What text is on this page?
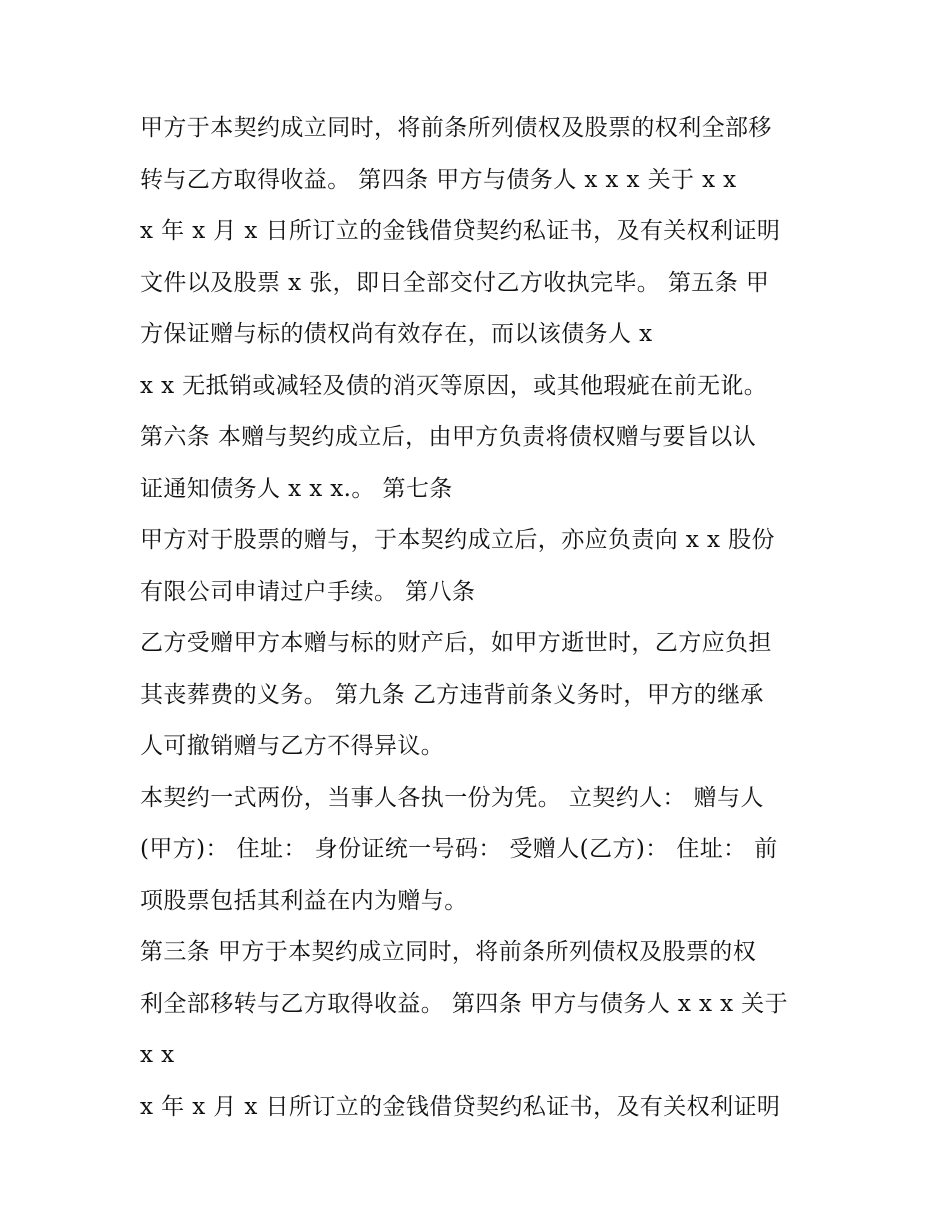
甲方于本契约成立同时，将前条所列债权及股票的权利全部移
转与乙方取得收益。 第四条 甲方与债务人 x x x 关于 x x
x 年 x 月 x 日所订立的金钱借贷契约私证书，及有关权利证明
文件以及股票 x 张，即日全部交付乙方收执完毕。 第五条 甲
方保证赠与标的债权尚有效存在，而以该债务人 x
x x 无抵销或减轻及债的消灭等原因，或其他瑕疵在前无讹。
第六条 本赠与契约成立后，由甲方负责将债权赠与要旨以认
证通知债务人 x x x.。 第七条
甲方对于股票的赠与，于本契约成立后，亦应负责向 x x 股份
有限公司申请过户手续。 第八条
乙方受赠甲方本赠与标的财产后，如甲方逝世时，乙方应负担
其丧葬费的义务。 第九条 乙方违背前条义务时，甲方的继承
人可撤销赠与乙方不得异议。
本契约一式两份，当事人各执一份为凭。 立契约人： 赠与人
(甲方)： 住址： 身份证统一号码： 受赠人(乙方)： 住址： 前
项股票包括其利益在内为赠与。
第三条 甲方于本契约成立同时，将前条所列债权及股票的权
利全部移转与乙方取得收益。 第四条 甲方与债务人 x x x 关于
x x
x 年 x 月 x 日所订立的金钱借贷契约私证书，及有关权利证明
